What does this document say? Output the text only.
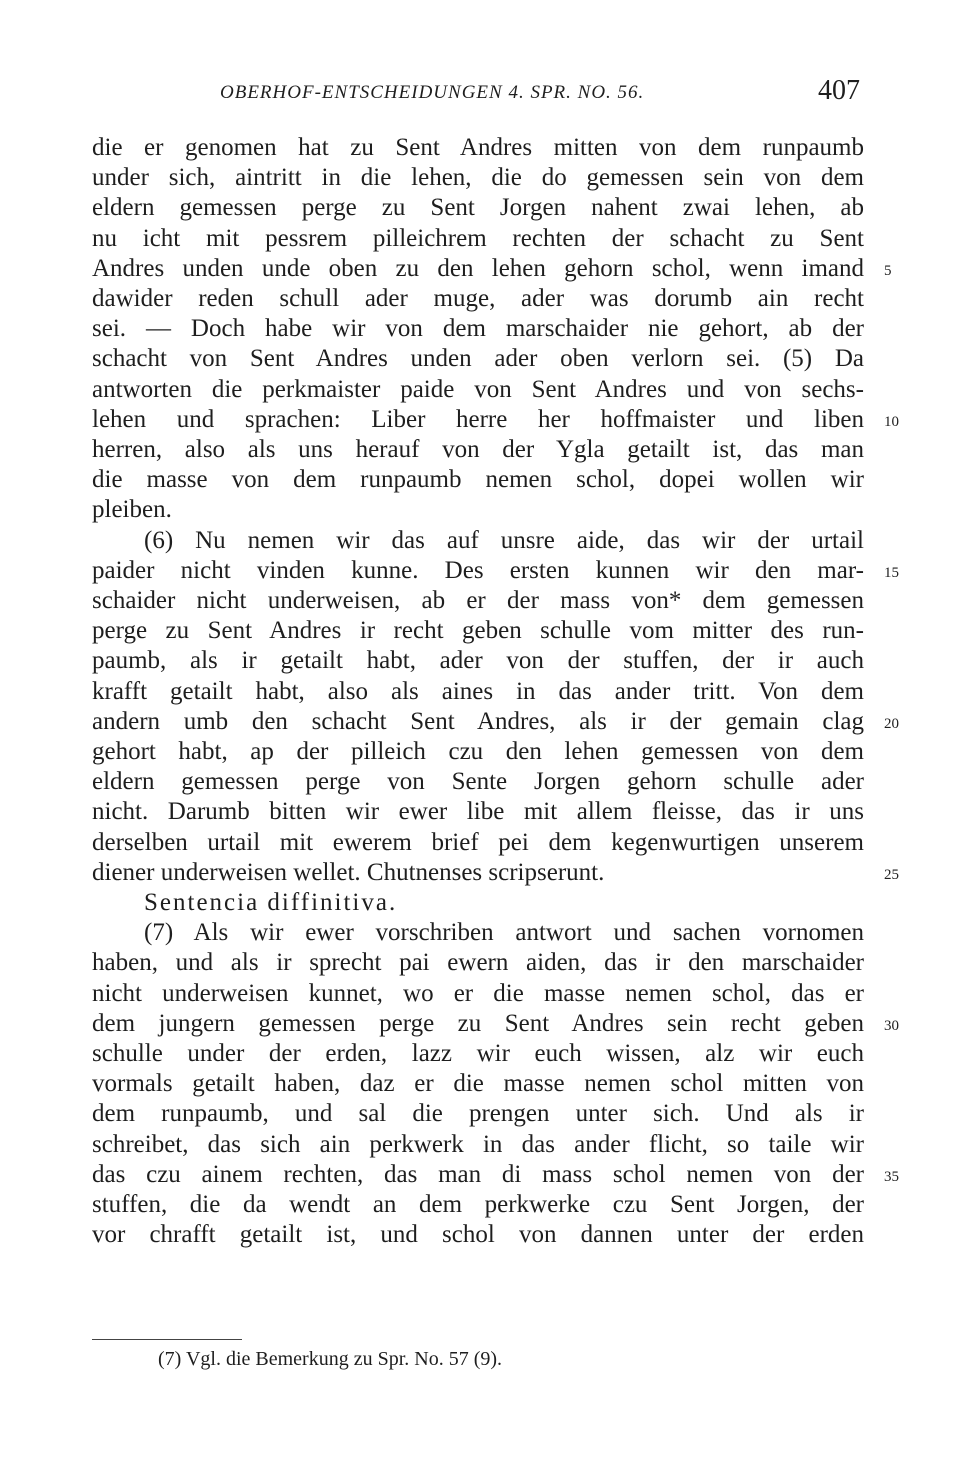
OBERHOF-ENTSCHEIDUNGEN 4. SPR. NO. 56.	407
die er genomen hat zu Sent Andres mitten von dem runpaumb
under sich, aintritt in die lehen, die do gemessen sein von dem
eldern gemessen perge zu Sent Jorgen nahent zwai lehen, ab
nu icht mit pessrem pilleichrem rechten der schacht zu Sent
Andres unden unde oben zu den lehen gehorn schol, wenn imand 5
dawider reden schull ader muge, ader was dorumb ain recht
sei. — Doch habe wir von dem marschaider nie gehort, ab der
schacht von Sent Andres unden ader oben verlorn sei. (5) Da
antworten die perkmaister paide von Sent Andres und von sechs-
lehen und sprachen: Liber herre her hoffmaister und liben 10
herren, also als uns herauf von der Ygla getailt ist, das man
die masse von dem runpaumb nemen schol, dopei wollen wir
pleiben.
(6) Nu nemen wir das auf unsre aide, das wir der urtail
paider nicht vinden kunne. Des ersten kunnen wir den mar- 15
schaider nicht underweisen, ab er der mass von* dem gemessen
perge zu Sent Andres ir recht geben schulle vom mitter des run-
paumb, als ir getailt habt, ader von der stuffen, der ir auch
krafft getailt habt, also als aines in das ander tritt. Von dem
andern umb den schacht Sent Andres, als ir der gemain clag 20
gehort habt, ap der pilleich czu den lehen gemessen von dem
eldern gemessen perge von Sente Jorgen gehorn schulle ader
nicht. Darumb bitten wir ewer libe mit allem fleisse, das ir uns
derselben urtail mit ewerem brief pei dem kegenwurtigen unserem
diener underweisen wellet. Chutnenses scripserunt.	25
Sentencia diffinitiva.
(7) Als wir ewer vorschriben antwort und sachen vornomen
haben, und als ir sprecht pai ewern aiden, das ir den marschaider
nicht underweisen kunnet, wo er die masse nemen schol, das er
dem jungern gemessen perge zu Sent Andres sein recht geben 30
schulle under der erden, lazz wir euch wissen, alz wir euch
vormals getailt haben, daz er die masse nemen schol mitten von
dem runpaumb, und sal die prengen unter sich. Und als ir
schreibet, das sich ain perkwerk in das ander flicht, so taile wir
das czu ainem rechten, das man di mass schol nemen von der 35
stuffen, die da wendt an dem perkwerke czu Sent Jorgen, der
vor chrafft getailt ist, und schol von dannen unter der erden
(7) Vgl. die Bemerkung zu Spr. No. 57 (9).
